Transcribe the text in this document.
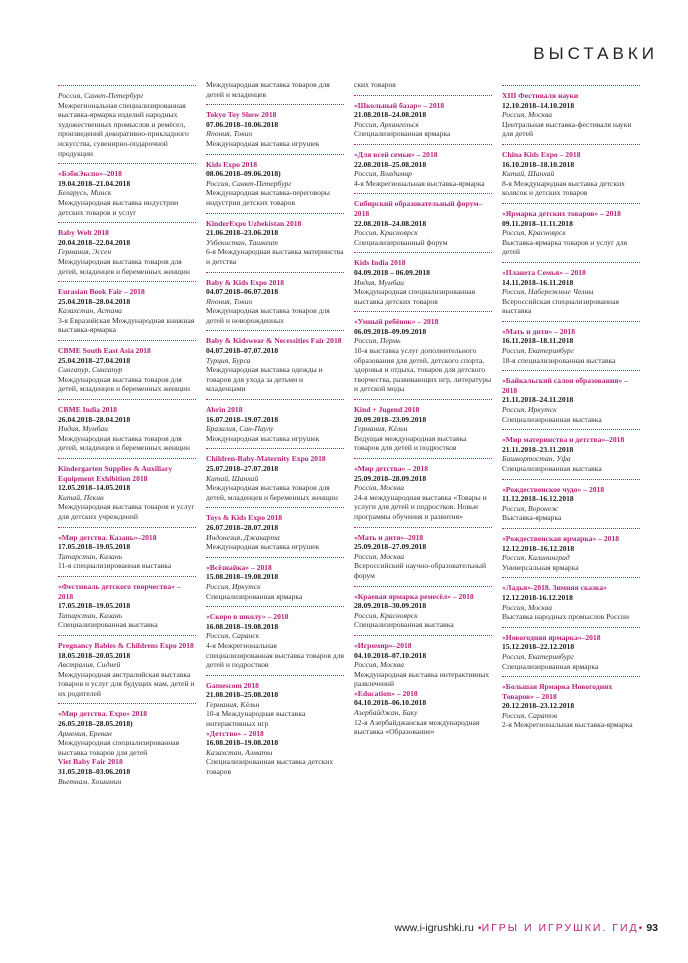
ВЫСТАВКИ
Россия, Санкт-Петербург
Межрегиональная специализированная выставка-ярмарка изделий народных художественных промыслов и ремёсел, произведений декоративно-прикладного искусства, сувенирно-подарочной продукции
«БэбиЭкспо»–2018
19.04.2018–21.04.2018
Беларусь, Минск
Международная выставка индустрии детских товаров и услуг
Baby Welt 2018
20.04.2018–22.04.2018
Германия, Эссен
Международная выставка товаров для детей, младенцев и беременных женщин
Eurasian Book Fair – 2018
25.04.2018–28.04.2018
Казахстан, Астана
3-я Евразийская Международная книжная выставка-ярмарка
CBME South East Asia 2018
25.04.2018–27.04.2018
Сингапур, Сингапур
Международная выставка товаров для детей, младенцев и беременных женщин
CBME India 2018
26.04.2018–28.04.2018
Индия, Мумбаи
Международная выставка товаров для детей, младенцев и беременных женщин
Kindergarten Supplies & Auxiliary Equipment Exhibition 2018
12.05.2018–14.05.2018
Китай, Пекин
Международная выставка товаров и услуг для детских учреждений
«Мир детства. Казань»–2018
17.05.2018–19.05.2018
Татарстан, Казань
11-я специализированная выставка
«Фестиваль детского творчества» – 2018
17.05.2018–19.05.2018
Татарстан, Казань
Специализированная выставка
Pregnancy Babies & Childrens Expo 2018
18.05.2018–20.05.2018
Австралия, Сидней
Международная австралийская выставка товаров и услуг для будущих мам, детей и их родителей
«Мир детства. Expo» 2018
26.05.2018–28.05.2018)
Армения, Ереван
Международная специализированная выставка товаров для детей
Viet Baby Fair 2018
31.05.2018–03.06.2018
Вьетнам, Хошимин
Международная выставка товаров для детей и младенцев
Tokyo Toy Show 2018
07.06.2018–10.06.2018
Япония, Токио
Международная выставка игрушек
Kids Expo 2018
08.06.2018–09.06.2018)
Россия, Санкт-Петербург
Международная выставка-переговоры индустрии детских товаров
KinderExpo Uzbekistan 2018
21.06.2018–23.06.2018
Узбекистан, Ташкент
6-я Международная выставка материнства и детства
Baby & Kids Expo 2018
04.07.2018–06.07.2018
Япония, Токио
Международная выставка товаров для детей и новорожденных
Baby & Kidswear & Necessities Fair 2018
04.07.2018–07.07.2018
Турция, Бурса
Международная выставка одежды и товаров для ухода за детьми и младенцами
Abrin 2018
16.07.2018–19.07.2018
Бразилия, Сан-Паулу
Международная выставка игрушек
Children-Baby-Maternity Expo 2018
25.07.2018–27.07.2018
Китай, Шанхай
Международная выставка товаров для детей, младенцев и беременных женщин
Toys & Kids Expo 2018
26.07.2018–28.07.2018
Индонезия, Джакарта
Международная выставка игрушек
«Всёзнайка» – 2018
15.08.2018–19.08.2018
Россия, Иркутск
Специализированная ярмарка
«Скоро в школу» – 2018
16.08.2018–19.08.2018
Россия, Саранск
4-я Межрегиональная специализированная выставка товаров для детей и подростков
Gamescom 2018
21.08.2018–25.08.2018
Германия, Кёльн
10-я Международная выставка интерактивных игр
«Детство» – 2018
16.08.2018–19.08.2018
Казахстан, Алматы
Специализированная выставка детских товаров
ских товаров
«Школьный базар» – 2018
21.08.2018–24.08.2018
Россия, Архангельск
Специализированная ярмарка
«Для всей семьи» – 2018
22.08.2018–25.08.2018
Россия, Владимир
4-я Межрегиональная выставка-ярмарка
Сибирский образовательный форум–2018
22.08.2018–24.08.2018
Россия, Красноярск
Специализированный форум
Kids India 2018
04.09.2018 – 06.09.2018
Индия, Мумбаи
Международная специализированная выставка детских товаров
«Умный ребёнок» – 2018
06.09.2018–09.09.2018
Россия, Пермь
10-я выставка услуг дополнительного образования для детей, детского спорта, здоровья и отдыха, товаров для детского творчества, развивающих игр, литературы и детской моды
Kind + Jugend 2018
20.09.2018–23.09.2018
Германия, Кёльн
Ведущая международная выставка товаров для детей и подростков
«Мир детства» – 2018
25.09.2018–28.09.2018
Россия, Москва
24-я международная выставка «Товары и услуги для детей и подростков. Новые программы обучения и развития»
«Мать и дитя»–2018
25.09.2018–27.09.2018
Россия, Москва
Всероссийский научно-образовательный форум
«Краевая ярмарка ремесёл» – 2018
28.09.2018–30.09.2018
Россия, Красноярск
Специализированная выставка
«Игромир»–2018
04.10.2018–07.10.2018
Россия, Москва
Международная выставка интерактивных развлечений
«Education» – 2018
04.10.2018–06.10.2018
Азербайджан, Баку
12-я Азербайджанская международная выставка «Образование»
XIII Фестиваля науки
12.10.2018–14.10.2018
Россия, Москва
Центральная выставка-фестиваля науки для детей
China Kids Expo – 2018
16.10.2018–18.10.2018
Китай, Шанхай
8-я Международная выставка детских колясок и детских товаров
«Ярмарка детских товаров» – 2018
09.11.2018–11.11.2018
Россия, Красноярск
Выставка-ярмарка товаров и услуг для детей
«Планета Семья» – 2018
14.11.2018–16.11.2018
Россия, Набережные Челны
Всероссийская специализированная выставка
«Мать и дитя» – 2018
16.11.2018–18.11.2018
Россия, Екатеринбург
18-я специализированная выставка
«Байкальский салон образования» – 2018
21.11.2018–24.11.2018
Россия, Иркутск
Специализированная выставка
«Мир материнства и детства»–2018
21.11.2018–23.11.2018
Башкортостан, Уфа
Специализированная выставка
«Рождественское чудо» – 2018
11.12.2018–16.12.2018
Россия, Воронеж
Выставка-ярмарка
«Рождественская ярмарка» – 2018
12.12.2018–16.12.2018
Россия, Калининград
Универсальная ярмарка
«Ладья»-2018. Зимняя сказка»
12.12.2018-16.12.2018
Россия, Москва
Выставка народных промыслов России
«Новогодняя ярмарка»–2018
15.12.2018–22.12.2018
Россия, Екатеринбург
Специализированная ярмарка
«Большая Ярмарка Новогодних Товаров» – 2018
20.12.2018–23.12.2018
Россия, Саратов
2-я Межрегиональная выставка-ярмарка
www.i-igrushki.ru •ИГРЫ И ИГРУШКИ. ГИД• 93
